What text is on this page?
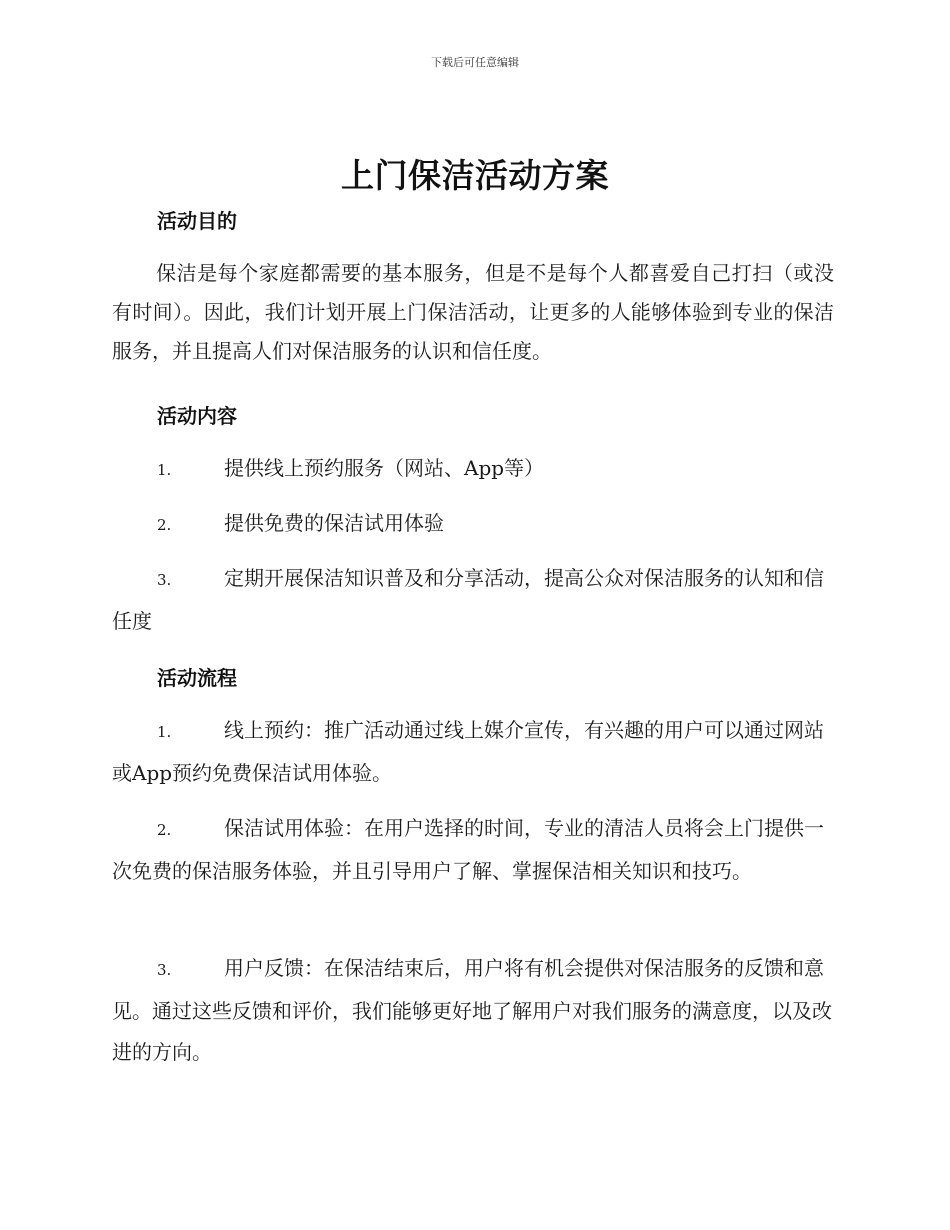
下载后可任意编辑
上门保洁活动方案
活动目的
保洁是每个家庭都需要的基本服务，但是不是每个人都喜爱自己打扫（或没有时间）。因此，我们计划开展上门保洁活动，让更多的人能够体验到专业的保洁服务，并且提高人们对保洁服务的认识和信任度。
活动内容
1.	提供线上预约服务（网站、App等）
2.	提供免费的保洁试用体验
3.	定期开展保洁知识普及和分享活动，提高公众对保洁服务的认知和信任度
活动流程
1.	线上预约：推广活动通过线上媒介宣传，有兴趣的用户可以通过网站或App预约免费保洁试用体验。
2.	保洁试用体验：在用户选择的时间，专业的清洁人员将会上门提供一次免费的保洁服务体验，并且引导用户了解、掌握保洁相关知识和技巧。
3.	用户反馈：在保洁结束后，用户将有机会提供对保洁服务的反馈和意见。通过这些反馈和评价，我们能够更好地了解用户对我们服务的满意度，以及改进的方向。
